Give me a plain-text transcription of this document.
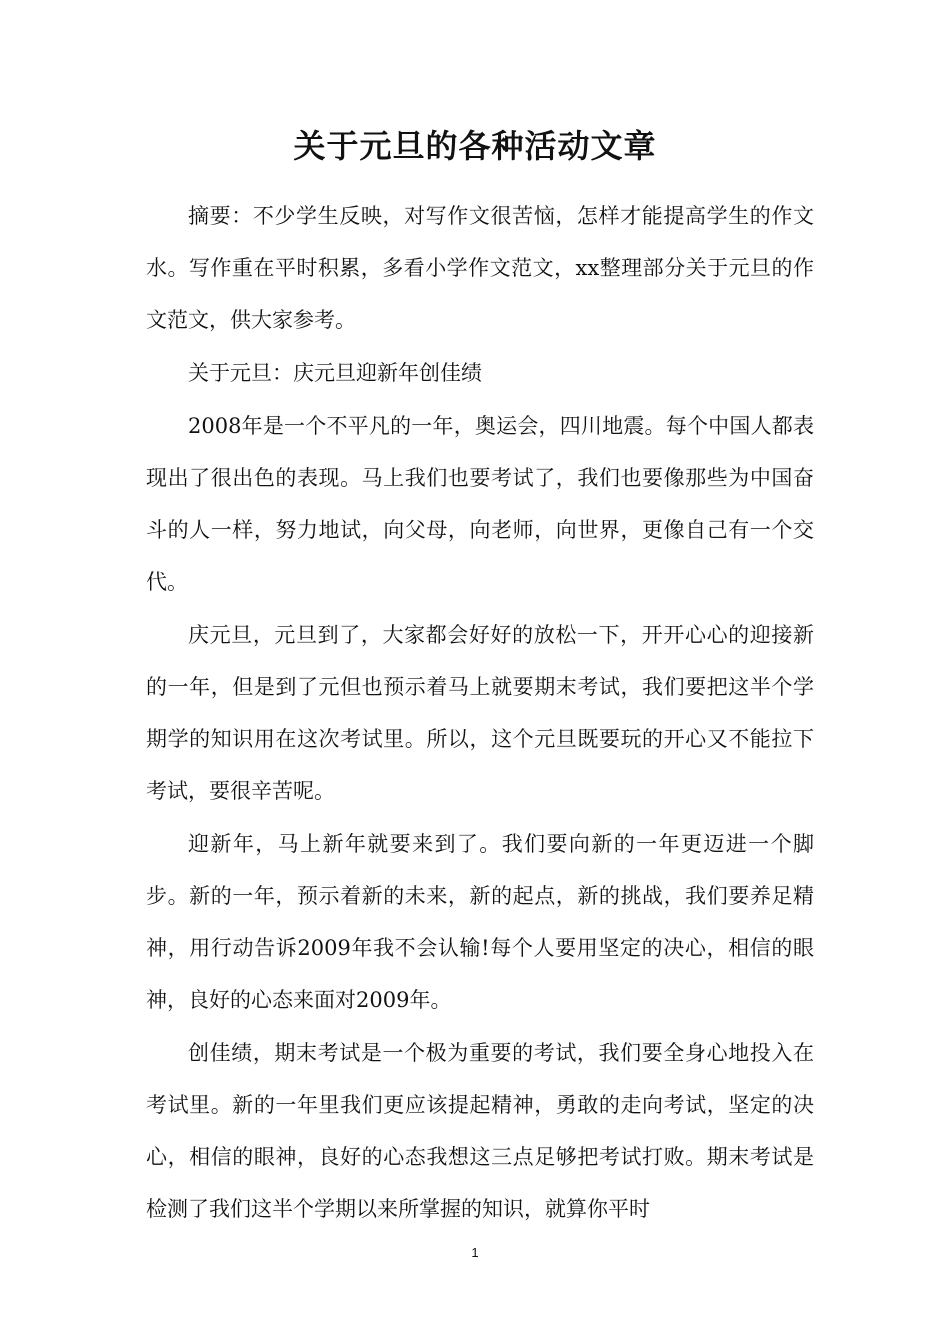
关于元旦的各种活动文章

摘要：不少学生反映，对写作文很苦恼，怎样才能提高学生的作文水。写作重在平时积累，多看小学作文范文，xx整理部分关于元旦的作文范文，供大家参考。

关于元旦：庆元旦迎新年创佳绩

2008年是一个不平凡的一年，奥运会，四川地震。每个中国人都表现出了很出色的表现。马上我们也要考试了，我们也要像那些为中国奋斗的人一样，努力地试，向父母，向老师，向世界，更像自己有一个交代。

庆元旦，元旦到了，大家都会好好的放松一下，开开心心的迎接新的一年，但是到了元但也预示着马上就要期末考试，我们要把这半个学期学的知识用在这次考试里。所以，这个元旦既要玩的开心又不能拉下考试，要很辛苦呢。

迎新年，马上新年就要来到了。我们要向新的一年更迈进一个脚步。新的一年，预示着新的未来，新的起点，新的挑战，我们要养足精神，用行动告诉2009年我不会认输!每个人要用坚定的决心，相信的眼神，良好的心态来面对2009年。

创佳绩，期末考试是一个极为重要的考试，我们要全身心地投入在考试里。新的一年里我们更应该提起精神，勇敢的走向考试，坚定的决心，相信的眼神，良好的心态我想这三点足够把考试打败。期末考试是检测了我们这半个学期以来所掌握的知识，就算你平时

1
